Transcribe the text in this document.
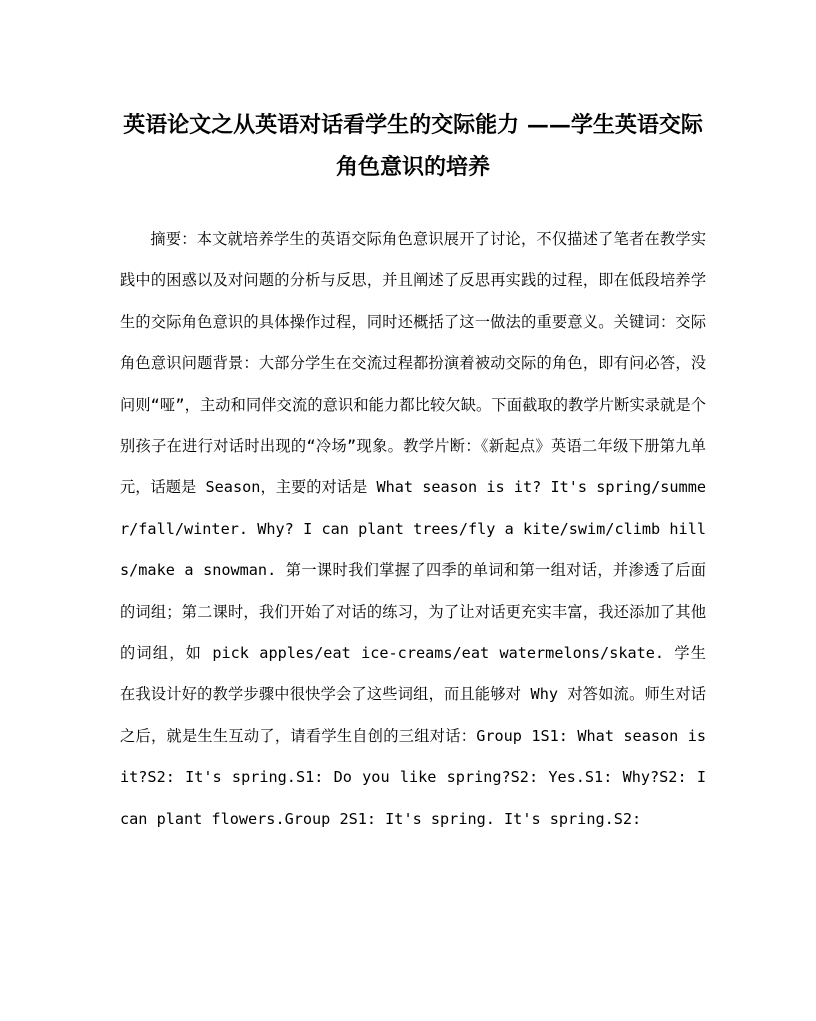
英语论文之从英语对话看学生的交际能力 ——学生英语交际角色意识的培养

摘要：本文就培养学生的英语交际角色意识展开了讨论，不仅描述了笔者在教学实践中的困惑以及对问题的分析与反思，并且阐述了反思再实践的过程，即在低段培养学生的交际角色意识的具体操作过程，同时还概括了这一做法的重要意义。关键词：交际角色意识问题背景：大部分学生在交流过程都扮演着被动交际的角色，即有问必答，没问则“哑”，主动和同伴交流的意识和能力都比较欠缺。下面截取的教学片断实录就是个别孩子在进行对话时出现的“冷场”现象。教学片断：《新起点》英语二年级下册第九单元，话题是 Season，主要的对话是 What season is it? It's spring/summer/fall/winter. Why? I can plant trees/fly a kite/swim/climb hills/make a snowman. 第一课时我们掌握了四季的单词和第一组对话，并渗透了后面的词组；第二课时，我们开始了对话的练习，为了让对话更充实丰富，我还添加了其他的词组，如 pick apples/eat ice-creams/eat watermelons/skate. 学生在我设计好的教学步骤中很快学会了这些词组，而且能够对 Why 对答如流。师生对话之后，就是生生互动了，请看学生自创的三组对话：Group 1S1: What season is it?S2: It's spring.S1: Do you like spring?S2: Yes.S1: Why?S2: I can plant flowers.Group 2S1: It's spring. It's spring.S2:
